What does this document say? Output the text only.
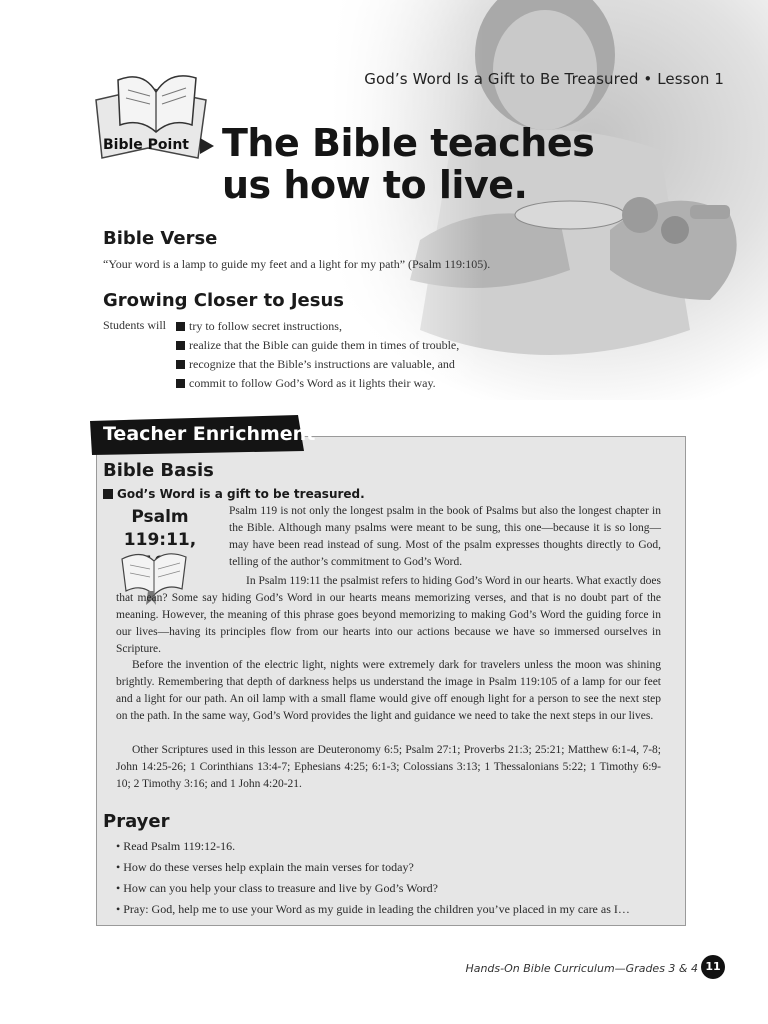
God’s Word Is a Gift to Be Treasured • Lesson 1
Bible Point The Bible teaches
us how to live.
Bible Verse
“Your word is a lamp to guide my feet and a light for my path” (Psalm 119:105).
Growing Closer to Jesus
Students will	try to follow secret instructions,
realize that the Bible can guide them in times of trouble,
recognize that the Bible’s instructions are valuable, and
commit to follow God’s Word as it lights their way.
Teacher Enrichment
Bible Basis
God’s Word is a gift to be treasured.
Psalm
119:11,
Psalm 119 is not only the longest psalm in the book of Psalms but also the longest chapter in the Bible. Although many psalms were meant to be sung, this one—because it is so long—may have been read instead of sung. Most of the psalm expresses thoughts directly to God, telling of the author’s commitment to God’s Word.
In Psalm 119:11 the psalmist refers to hiding God’s Word in our hearts. What exactly does that mean? Some say hiding God’s Word in our hearts means memorizing verses, and that is no doubt part of the meaning. However, the meaning of this phrase goes beyond memorizing to making God’s Word the guiding force in our lives—having its principles flow from our hearts into our actions because we have so immersed ourselves in Scripture.
Before the invention of the electric light, nights were extremely dark for travelers unless the moon was shining brightly. Remembering that depth of darkness helps us understand the image in Psalm 119:105 of a lamp for our feet and a light for our path. An oil lamp with a small flame would give off enough light for a person to see the next step on the path. In the same way, God’s Word provides the light and guidance we need to take the next steps in our lives.
Other Scriptures used in this lesson are Deuteronomy 6:5; Psalm 27:1; Proverbs 21:3; 25:21; Matthew 6:1-4, 7-8; John 14:25-26; 1 Corinthians 13:4-7; Ephesians 4:25; 6:1-3; Colossians 3:13; 1 Thessalonians 5:22; 1 Timothy 6:9-10; 2 Timothy 3:16; and 1 John 4:20-21.
Prayer
• Read Psalm 119:12-16.
• How do these verses help explain the main verses for today?
• How can you help your class to treasure and live by God’s Word?
• Pray: God, help me to use your Word as my guide in leading the children you’ve placed in my care as I…
Hands-On Bible Curriculum—Grades 3 & 4 11
